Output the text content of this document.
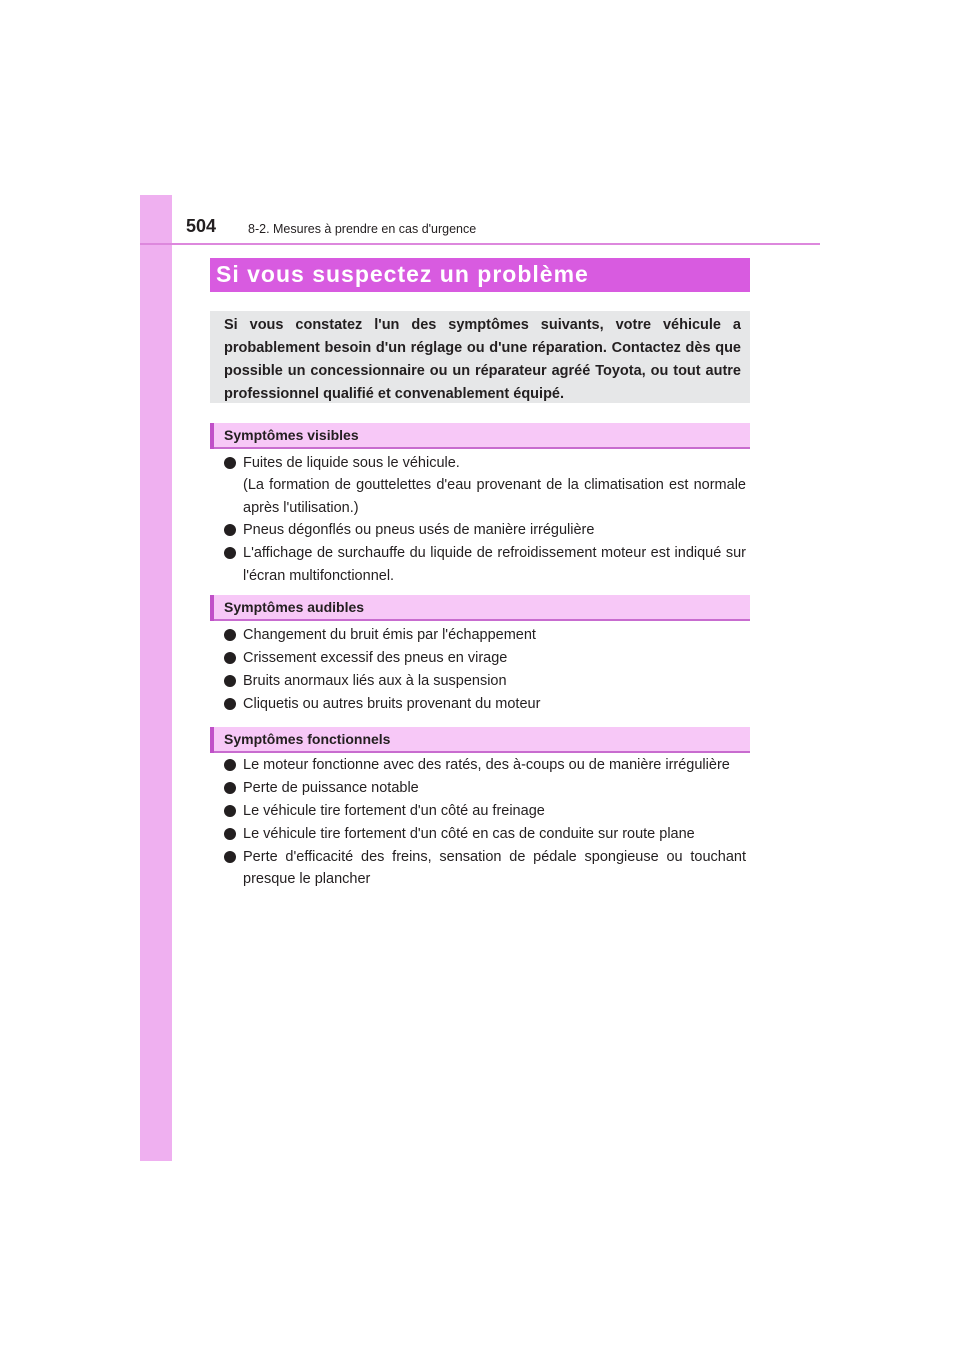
504	8-2. Mesures à prendre en cas d'urgence
Si vous suspectez un problème

Si vous constatez l'un des symptômes suivants, votre véhicule a probablement besoin d'un réglage ou d'une réparation. Contactez dès que possible un concessionnaire ou un réparateur agréé Toyota, ou tout autre professionnel qualifié et convenablement équipé.

Symptômes visibles
Fuites de liquide sous le véhicule.
(La formation de gouttelettes d'eau provenant de la climatisation est normale après l'utilisation.)
Pneus dégonflés ou pneus usés de manière irrégulière
L'affichage de surchauffe du liquide de refroidissement moteur est indiqué sur l'écran multifonctionnel.
Symptômes audibles
Changement du bruit émis par l'échappement
Crissement excessif des pneus en virage
Bruits anormaux liés aux à la suspension
Cliquetis ou autres bruits provenant du moteur
Symptômes fonctionnels
Le moteur fonctionne avec des ratés, des à-coups ou de manière irrégulière
Perte de puissance notable
Le véhicule tire fortement d'un côté au freinage
Le véhicule tire fortement d'un côté en cas de conduite sur route plane
Perte d'efficacité des freins, sensation de pédale spongieuse ou touchant presque le plancher
